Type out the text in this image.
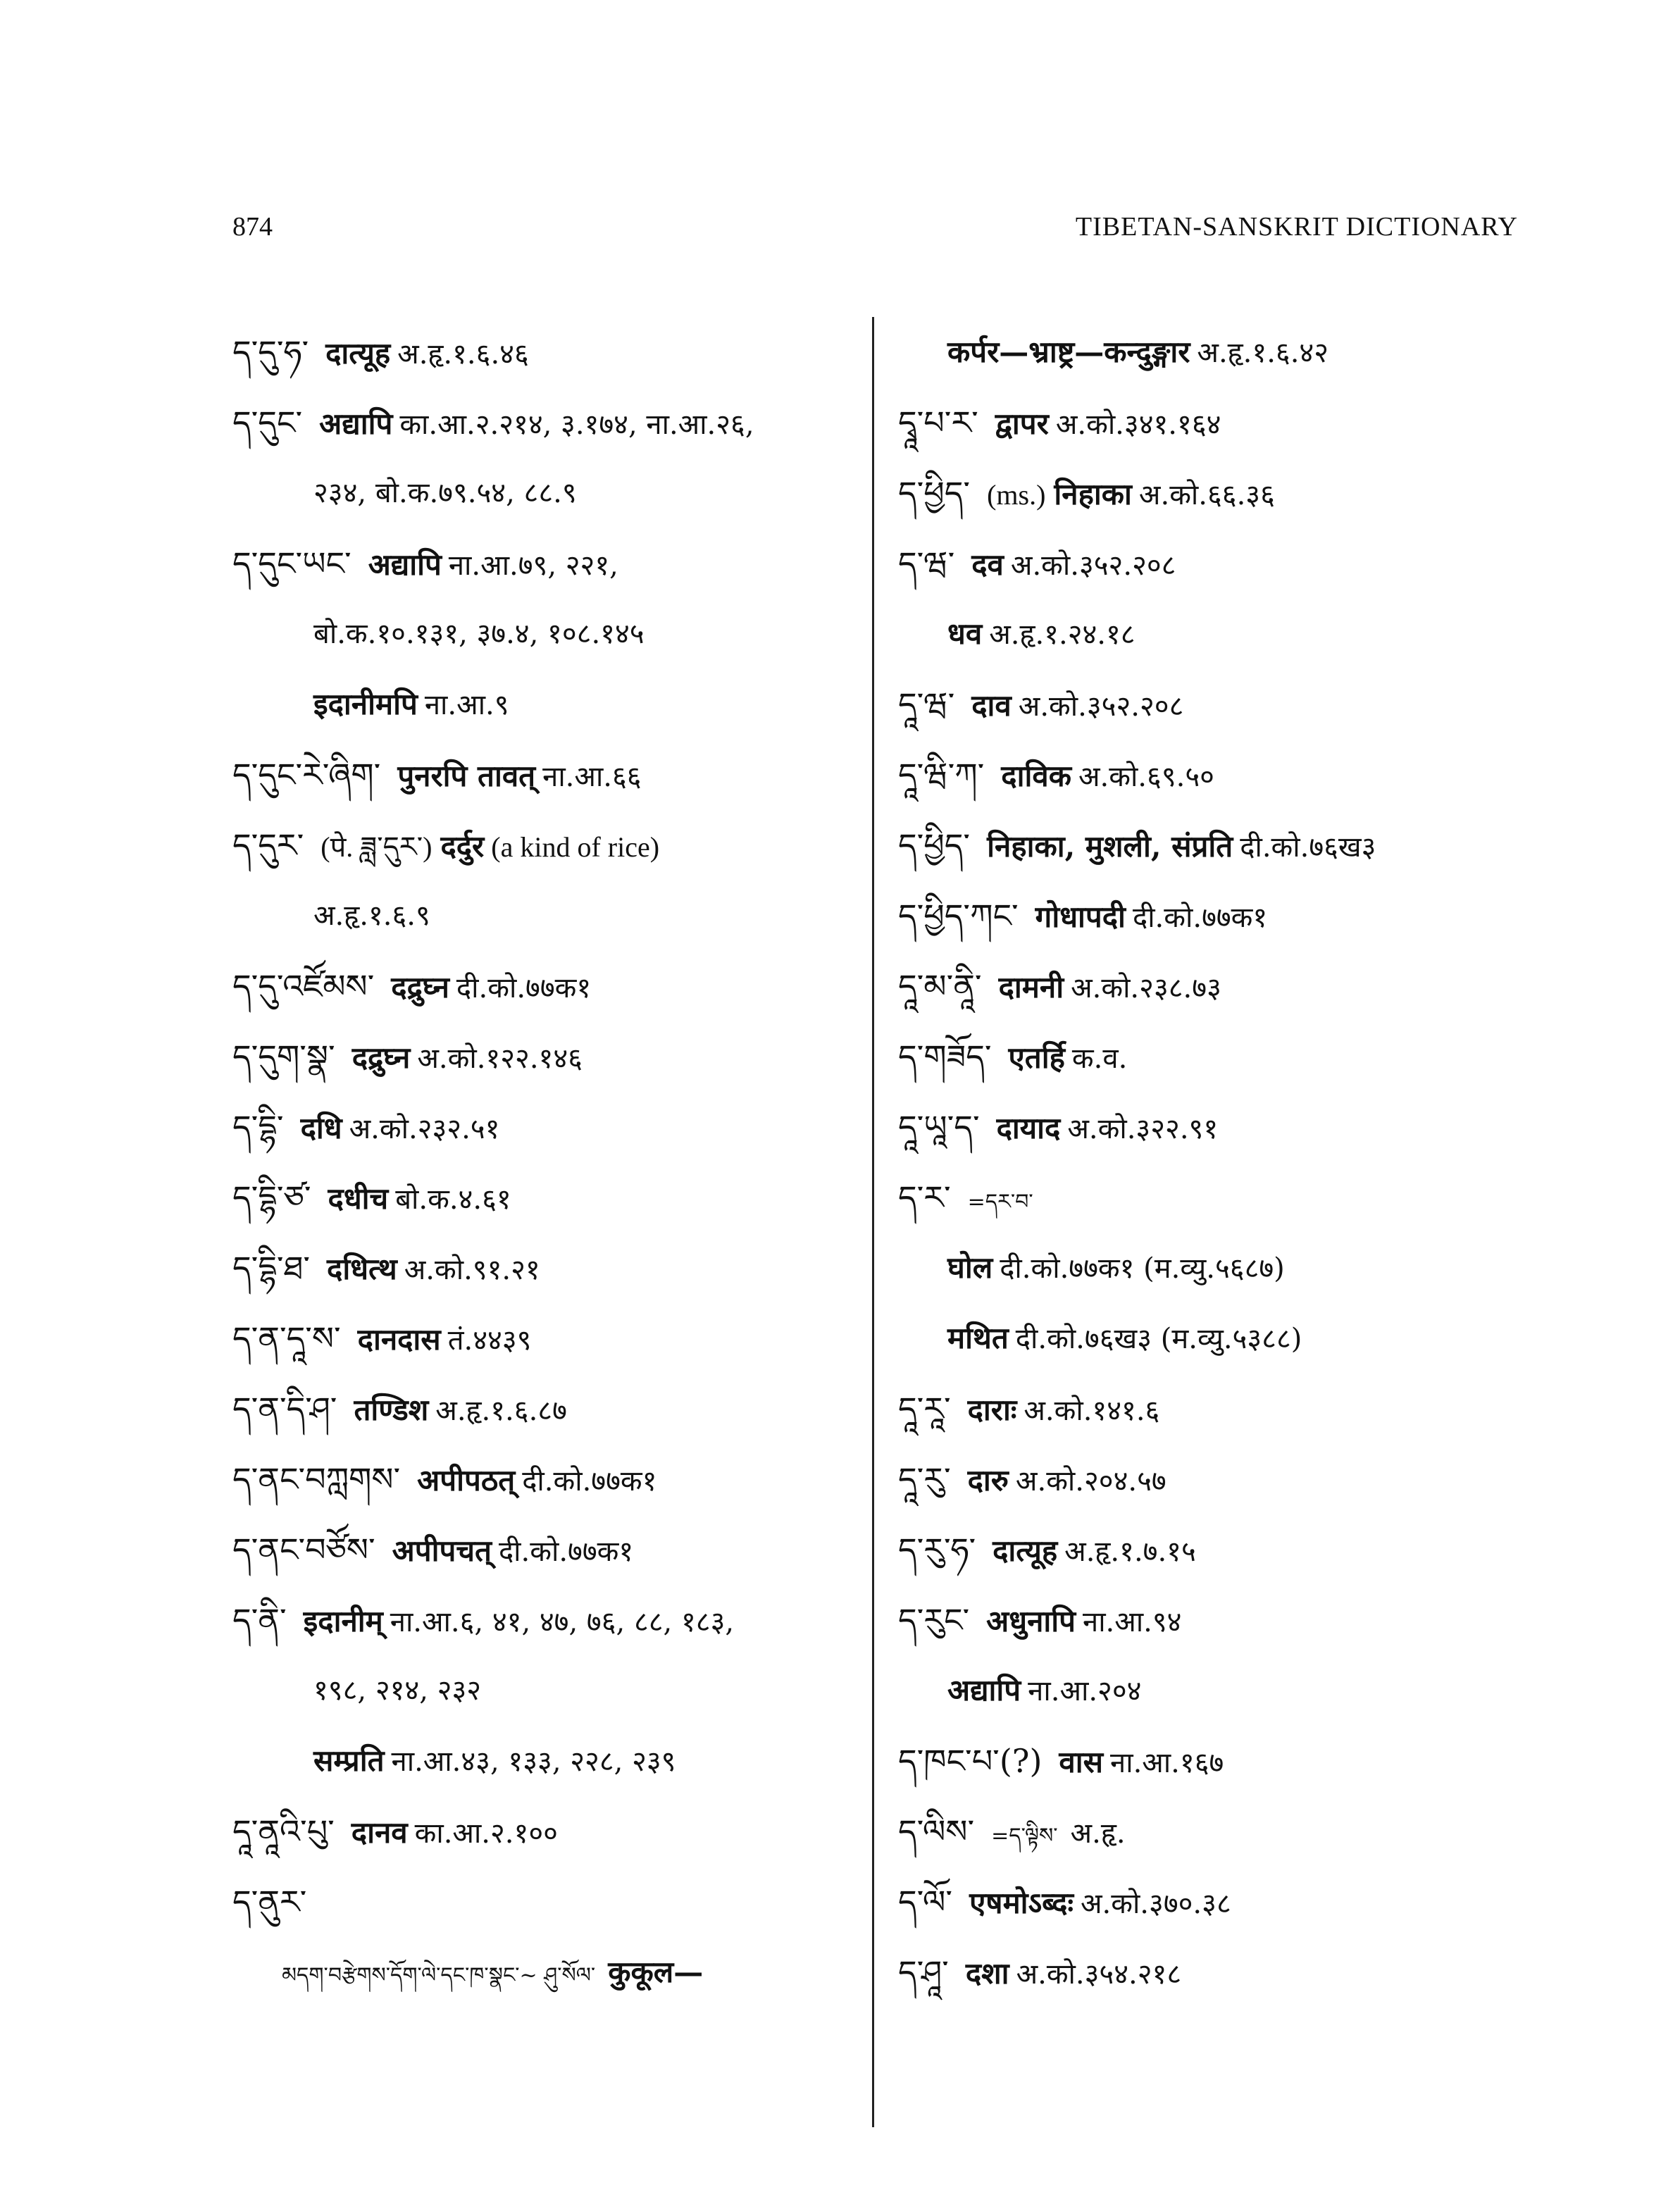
874	TIBETAN-SANSKRIT DICTIONARY
ད་དུ་ཧ་ दात्यूह अ.हृ.१.६.४६
ད་དུང་ अद्यापि का.आ.२.२१४, ३.१७४, ना.आ.२६,
२३४, बो.क.७९.५४, ८८.९
ད་དུང་ཡང་ अद्यापि ना.आ.७९, २२१,
बो.क.१०.१३१, ३७.४, १०८.१४५
इदानीमपि ना.आ.९
ད་དུང་རེ་ཞིག་ पुनरपि तावत् ना.आ.६६
ད་དུར་ (पे. ཟླ་དུར་) दर्दुर (a kind of rice)
अ.हृ.१.६.९
ད་དུ་འཛོམས་ दद्रुघ्न दी.को.७७क१
ད་དུག་སྣ་ दद्रुघ्न अ.को.१२२.१४६
ད་དྷི་ दधि अ.को.२३२.५१
ད་དྷི་ཙ་ दधीच बो.क.४.६१
ད་དྷི་ཐ་ दधित्थ अ.को.९१.२१
ད་ན་དཱ་ས་ दानदास तं.४४३९
ད་ན་དི་ཤ་ तण्डिश अ.हृ.१.६.८७
ད་ནང་བཀླགས་ अपीपठत् दी.को.७७क१
ད་ནང་བཙོས་ अपीपचत् दी.को.७७क१
ད་ནི་ इदानीम् ना.आ.६, ४१, ४७, ७६, ८८, १८३,
१९८, २१४, २३२
सम्प्रति ना.आ.४३, १३३, २२८, २३९
དཱ་ནཱའི་པུ་ दानव का.आ.२.१००
ད་ནུར་
མདག་བརྩེགས་དོག་ལེ་དང་ཁ་སྣང་~ ཤུ་སོལ་ कुकूल—
कर्पर—भ्राष्ट्र—कन्दुङ्गार अ.हृ.१.६.४२
དྭཱ་པ་ར་ द्वापर अ.को.३४१.१६४
ད་ཕྱིད་ (ms.) निहाका अ.को.६६.३६
ད་ཝ་ दव अ.को.३५२.२०८
धव अ.हृ.१.२४.१८
དཱ་ཝ་ दाव अ.को.३५२.२०८
དཱ་ཝི་ཀ་ दाविक अ.को.६९.५०
ད་ཕྱིད་ निहाका, मुशली, संप्रति दी.को.७६ख३
ད་ཕྱིད་ཀང་ गोधापदी दी.को.७७क१
དཱ་མ་ནཱི་ दामनी अ.को.२३८.७३
ད་གཟོད་ एतर्हि क.व.
དཱ་ཡཱ་ད་ दायाद अ.को.३२२.९१
ད་ར་ =དར་བ་
घोल दी.को.७७क१ (म.व्यु.५६८७)
मथित दी.को.७६ख३ (म.व्यु.५३८८)
དཱ་རཱ་ दाराः अ.को.१४१.६
དཱ་རུ་ दारु अ.को.२०४.५७
ད་རུ་ཧ་ दात्यूह अ.हृ.१.७.१५
ད་རུང་ अधुनापि ना.आ.९४
अद्यापि ना.आ.२०४
ད་ཁང་པ་(?) वास ना.आ.१६७
ད་ལིས་ =ད་ལྟིས་ अ.हृ.
ད་ལོ་ एषमोऽब्दः अ.को.३७०.३८
ད་ཤཱ་ दशा अ.को.३५४.२१८
